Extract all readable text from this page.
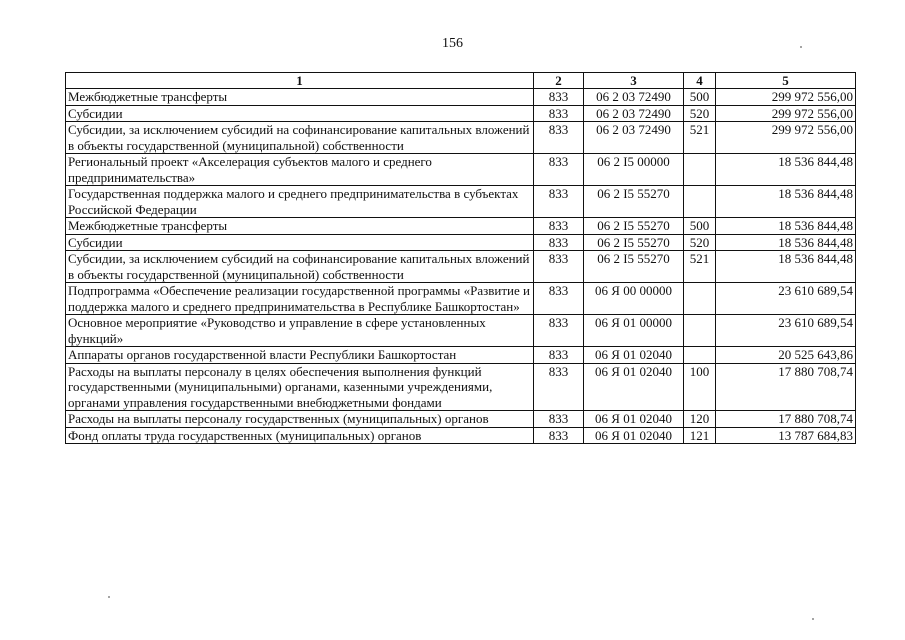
156
1	2	3	4	5
Межбюджетные трансферты	833	06 2 03 72490	500	299 972 556,00
Субсидии	833	06 2 03 72490	520	299 972 556,00
Субсидии, за исключением субсидий на софинансирование капитальных вложений в объекты государственной (муниципальной) собственности	833	06 2 03 72490	521	299 972 556,00
Региональный проект «Акселерация субъектов малого и среднего предпринимательства»	833	06 2 I5 00000		18 536 844,48
Государственная поддержка малого и среднего предпринимательства в субъектах Российской Федерации	833	06 2 I5 55270		18 536 844,48
Межбюджетные трансферты	833	06 2 I5 55270	500	18 536 844,48
Субсидии	833	06 2 I5 55270	520	18 536 844,48
Субсидии, за исключением субсидий на софинансирование капитальных вложений в объекты государственной (муниципальной) собственности	833	06 2 I5 55270	521	18 536 844,48
Подпрограмма «Обеспечение реализации государственной программы «Развитие и поддержка малого и среднего предпринимательства в Республике Башкортостан»	833	06 Я 00 00000		23 610 689,54
Основное мероприятие «Руководство и управление в сфере установленных функций»	833	06 Я 01 00000		23 610 689,54
Аппараты органов государственной власти Республики Башкортостан	833	06 Я 01 02040		20 525 643,86
Расходы на выплаты персоналу в целях обеспечения выполнения функций государственными (муниципальными) органами, казенными учреждениями, органами управления государственными внебюджетными фондами	833	06 Я 01 02040	100	17 880 708,74
Расходы на выплаты персоналу государственных (муниципальных) органов	833	06 Я 01 02040	120	17 880 708,74
Фонд оплаты труда государственных (муниципальных) органов	833	06 Я 01 02040	121	13 787 684,83
